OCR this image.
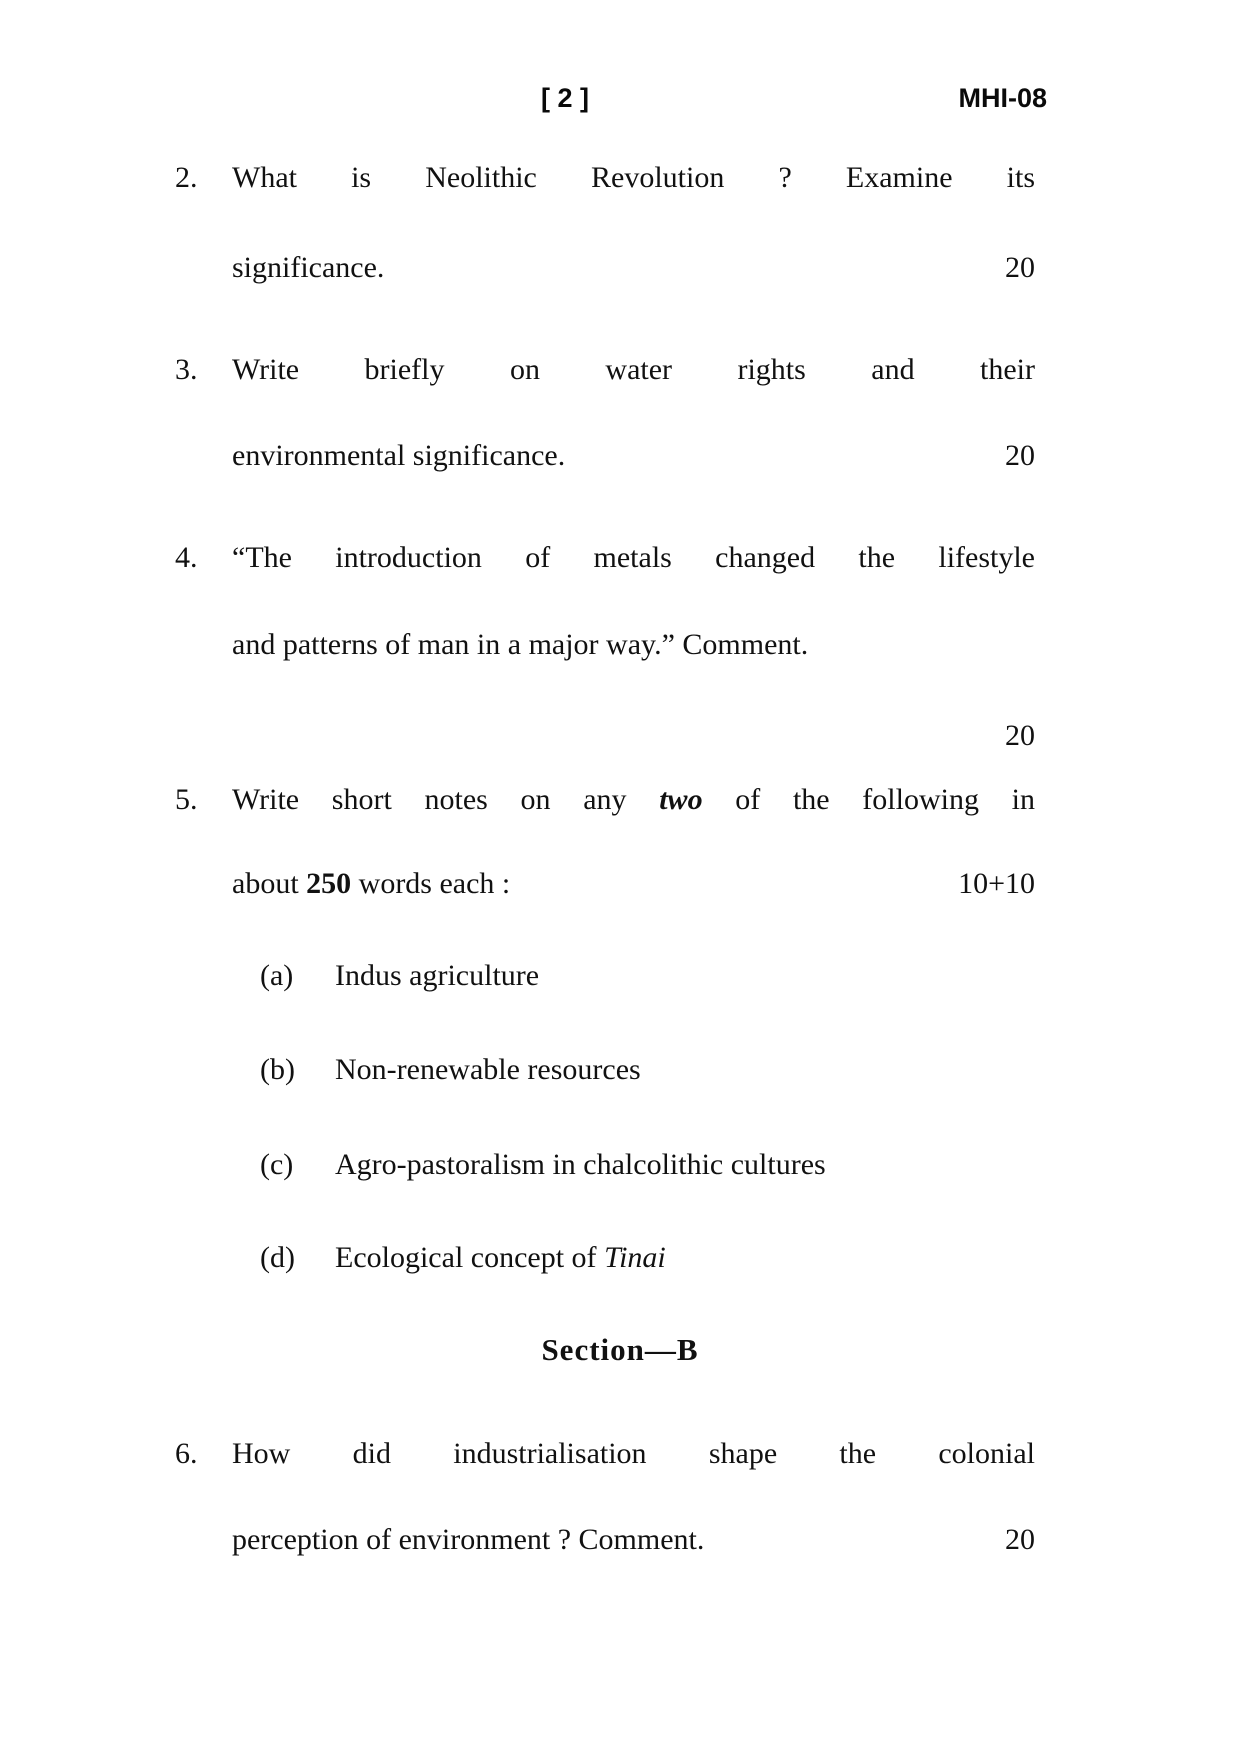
[ 2 ]	MHI-08
2. What is Neolithic Revolution ? Examine its
significance.	20
3. Write briefly on water rights and their
environmental significance.	20
4. “The introduction of metals changed the lifestyle
and patterns of man in a major way.” Comment.
20
5. Write short notes on any two of the following in
about 250 words each :	10+10
(a)	Indus agriculture
(b)	Non-renewable resources
(c)	Agro-pastoralism in chalcolithic cultures
(d)	Ecological concept of Tinai
Section—B
6. How did industrialisation shape the colonial
perception of environment ? Comment.	20
